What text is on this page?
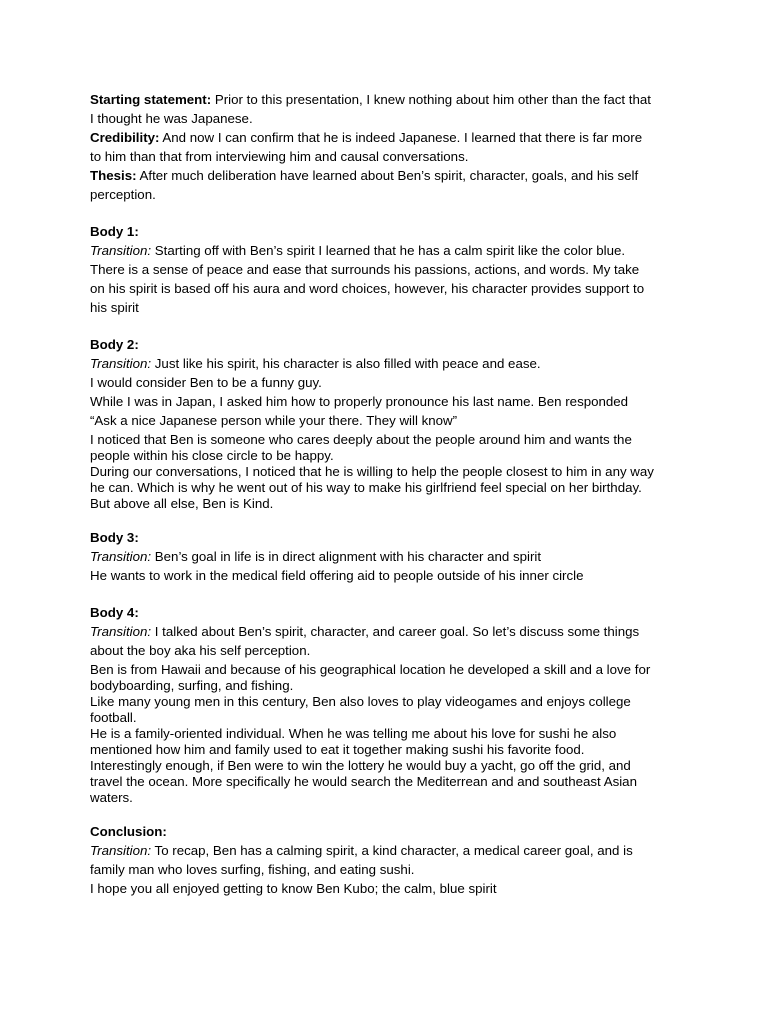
Starting statement: Prior to this presentation, I knew nothing about him other than the fact that
I thought he was Japanese.
Credibility: And now I can confirm that he is indeed Japanese. I learned that there is far more
to him than that from interviewing him and causal conversations.
Thesis: After much deliberation have learned about Ben’s spirit, character, goals, and his self
perception.
Body 1:
Transition: Starting off with Ben’s spirit I learned that he has a calm spirit like the color blue.
There is a sense of peace and ease that surrounds his passions, actions, and words. My take
on his spirit is based off his aura and word choices, however, his character provides support to
his spirit
Body 2:
Transition: Just like his spirit, his character is also filled with peace and ease.
I would consider Ben to be a funny guy.
While I was in Japan, I asked him how to properly pronounce his last name. Ben responded
“Ask a nice Japanese person while your there. They will know”
I noticed that Ben is someone who cares deeply about the people around him and wants the
people within his close circle to be happy.
During our conversations, I noticed that he is willing to help the people closest to him in any way
he can. Which is why he went out of his way to make his girlfriend feel special on her birthday.
But above all else, Ben is Kind.
Body 3:
Transition: Ben’s goal in life is in direct alignment with his character and spirit
He wants to work in the medical field offering aid to people outside of his inner circle
Body 4:
Transition: I talked about Ben’s spirit, character, and career goal. So let’s discuss some things
about the boy aka his self perception.
Ben is from Hawaii and because of his geographical location he developed a skill and a love for
bodyboarding, surfing, and fishing.
Like many young men in this century, Ben also loves to play videogames and enjoys college
football.
He is a family-oriented individual. When he was telling me about his love for sushi he also
mentioned how him and family used to eat it together making sushi his favorite food.
Interestingly enough, if Ben were to win the lottery he would buy a yacht, go off the grid, and
travel the ocean. More specifically he would search the Mediterrean and and southeast Asian
waters.
Conclusion:
Transition: To recap, Ben has a calming spirit, a kind character, a medical career goal, and is
family man who loves surfing, fishing, and eating sushi.
I hope you all enjoyed getting to know Ben Kubo; the calm, blue spirit
